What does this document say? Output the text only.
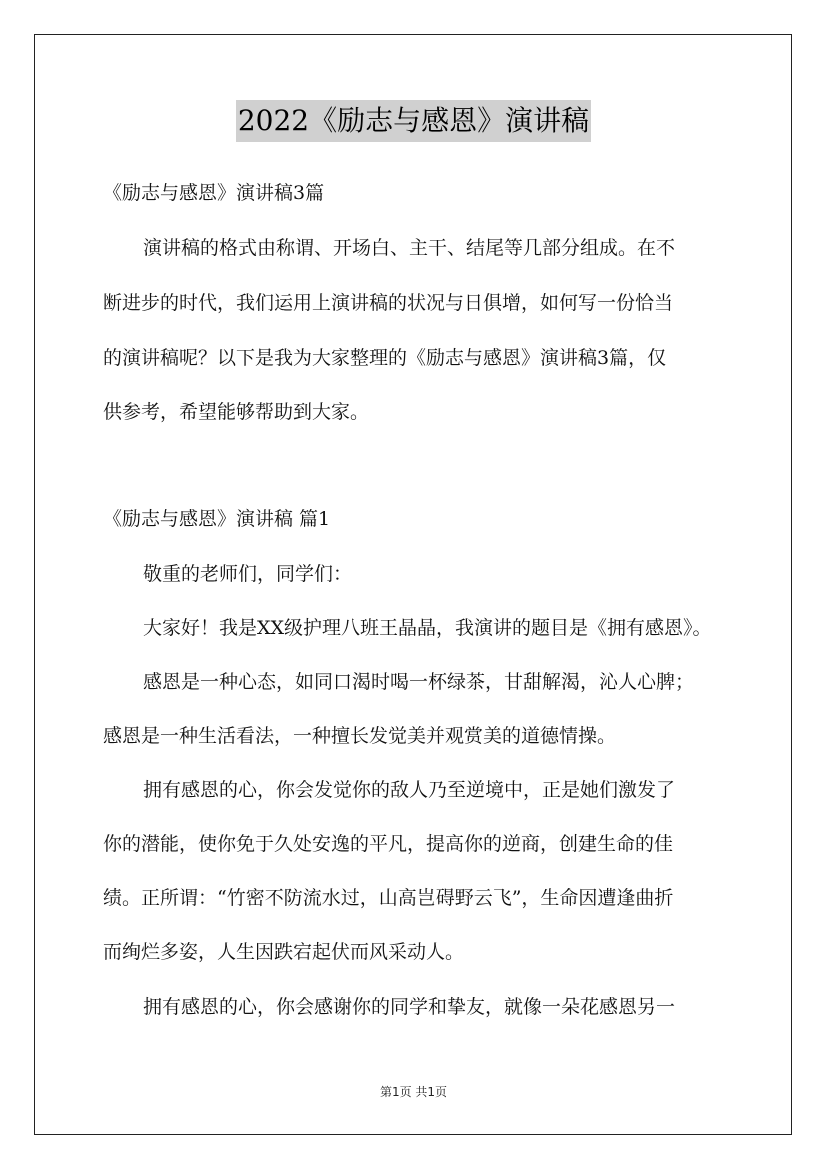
2022《励志与感恩》演讲稿
《励志与感恩》演讲稿3篇
演讲稿的格式由称谓、开场白、主干、结尾等几部分组成。在不
断进步的时代，我们运用上演讲稿的状况与日俱增，如何写一份恰当
的演讲稿呢？以下是我为大家整理的《励志与感恩》演讲稿3篇，仅
供参考，希望能够帮助到大家。
《励志与感恩》演讲稿 篇1
敬重的老师们，同学们：
大家好！我是XX级护理八班王晶晶，我演讲的题目是《拥有感恩》。
感恩是一种心态，如同口渴时喝一杯绿茶，甘甜解渴，沁人心脾；
感恩是一种生活看法，一种擅长发觉美并观赏美的道德情操。
拥有感恩的心，你会发觉你的敌人乃至逆境中，正是她们激发了
你的潜能，使你免于久处安逸的平凡，提高你的逆商，创建生命的佳
绩。正所谓：“竹密不防流水过，山高岂碍野云飞”，生命因遭逢曲折
而绚烂多姿，人生因跌宕起伏而风采动人。
拥有感恩的心，你会感谢你的同学和挚友，就像一朵花感恩另一
第1页 共1页
